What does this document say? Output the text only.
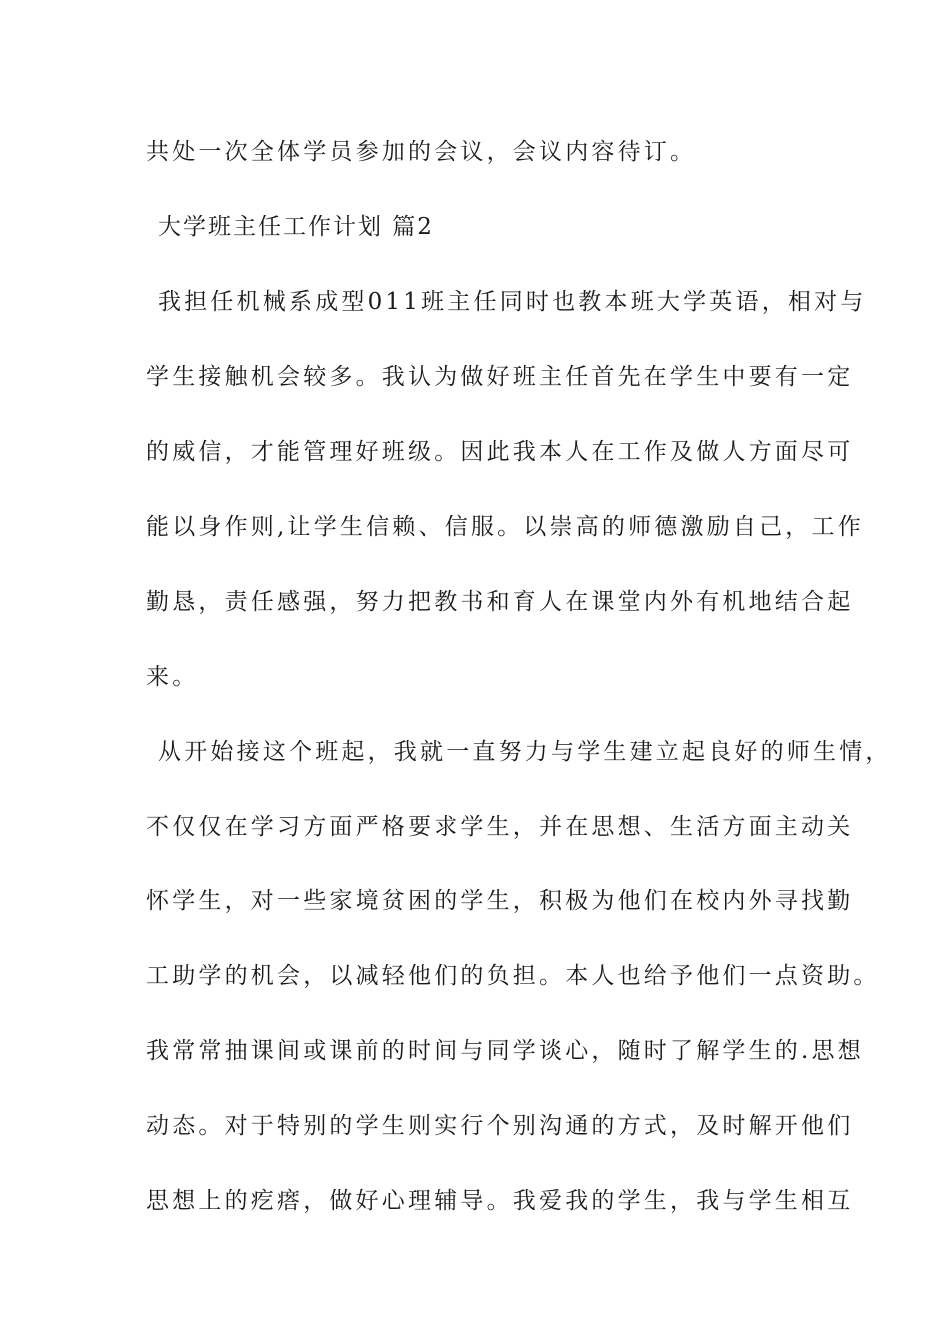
共处一次全体学员参加的会议，会议内容待订。
大学班主任工作计划 篇2
我担任机械系成型011班主任同时也教本班大学英语，相对与
学生接触机会较多。我认为做好班主任首先在学生中要有一定
的威信，才能管理好班级。因此我本人在工作及做人方面尽可
能以身作则,让学生信赖、信服。以崇高的师德激励自己，工作
勤恳，责任感强，努力把教书和育人在课堂内外有机地结合起
来。
从开始接这个班起，我就一直努力与学生建立起良好的师生情，
不仅仅在学习方面严格要求学生，并在思想、生活方面主动关
怀学生，对一些家境贫困的学生，积极为他们在校内外寻找勤
工助学的机会，以减轻他们的负担。本人也给予他们一点资助。
我常常抽课间或课前的时间与同学谈心，随时了解学生的.思想
动态。对于特别的学生则实行个别沟通的方式，及时解开他们
思想上的疙瘩，做好心理辅导。我爱我的学生，我与学生相互
